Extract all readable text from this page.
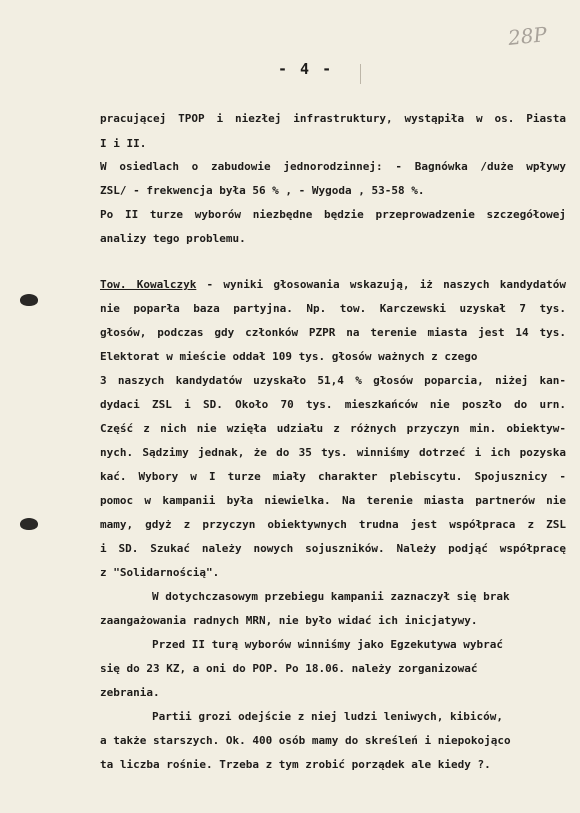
28P
- 4 -
pracującej TPOP i niezłej infrastruktury, wystąpiła w os. Piasta
I i II.
W osiedlach o zabudowie jednorodzinnej: - Bagnówka /duże wpływy
ZSL/ - frekwencja była 56 % , - Wygoda , 53-58 %.
Po II turze wyborów niezbędne będzie przeprowadzenie szczegółowej
analizy tego problemu.
Tow. Kowalczyk - wyniki głosowania wskazują, iż naszych kandydatów
nie poparła baza partyjna. Np. tow. Karczewski uzyskał 7 tys.
głosów, podczas gdy członków PZPR na terenie miasta jest 14 tys.
Elektorat w mieście oddał 109 tys. głosów ważnych z czego
3 naszych kandydatów uzyskało 51,4 % głosów poparcia, niżej kan-
dydaci ZSL i SD. Około 70 tys. mieszkańców nie poszło do urn.
Część z nich nie wzięła udziału z różnych przyczyn min. obiektyw-
nych. Sądzimy jednak, że do 35 tys. winniśmy dotrzeć i ich pozyska
kać. Wybory w I turze miały charakter plebiscytu. Spojusznicy -
pomoc w kampanii była niewielka. Na terenie miasta partnerów nie
mamy, gdyż z przyczyn obiektywnych trudna jest współpraca z ZSL
i SD. Szukać należy nowych sojuszników. Należy podjąć współpracę
z "Solidarnością".
W dotychczasowym przebiegu kampanii zaznaczył się brak
zaangażowania radnych MRN, nie było widać ich inicjatywy.
Przed II turą wyborów winniśmy jako Egzekutywa wybrać
się do 23 KZ, a oni do POP. Po 18.06. należy zorganizować
zebrania.
Partii grozi odejście z niej ludzi leniwych, kibiców,
a także starszych. Ok. 400 osób mamy do skreśleń i niepokojąco
ta liczba rośnie. Trzeba z tym zrobić porządek ale kiedy ?.
